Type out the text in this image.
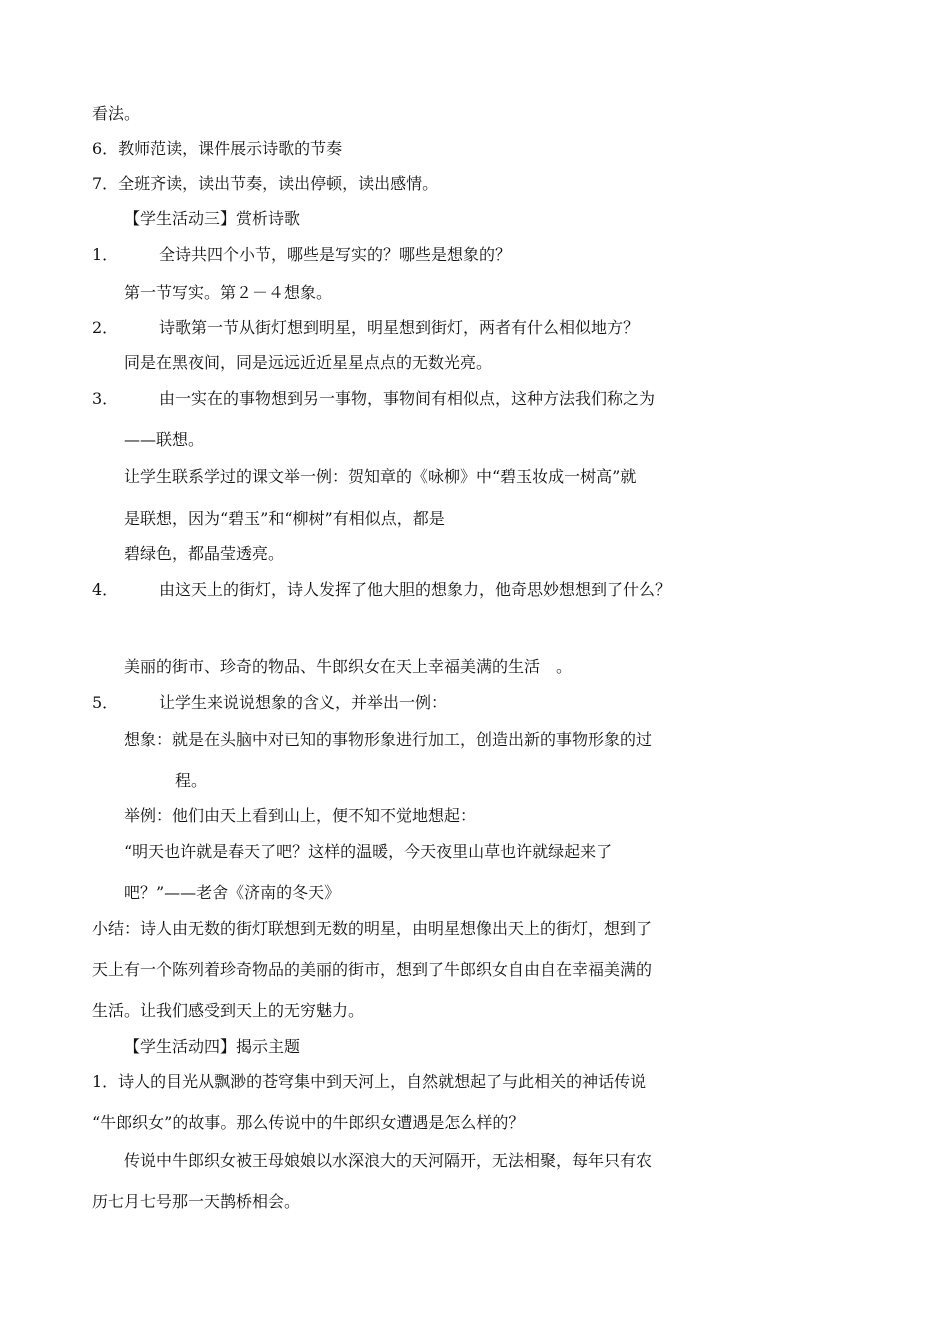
看法。
6．教师范读，课件展示诗歌的节奏
7．全班齐读，读出节奏，读出停顿，读出感情。
【学生活动三】赏析诗歌
1．	全诗共四个小节，哪些是写实的？哪些是想象的？
第一节写实。第２－４想象。
2．	诗歌第一节从街灯想到明星，明星想到街灯，两者有什么相似地方？
同是在黑夜间，同是远远近近星星点点的无数光亮。
3．	由一实在的事物想到另一事物，事物间有相似点，这种方法我们称之为
——联想。
让学生联系学过的课文举一例：贺知章的《咏柳》中“碧玉妆成一树高”就
是联想，因为“碧玉”和“柳树”有相似点，都是
碧绿色，都晶莹透亮。
4．	由这天上的街灯，诗人发挥了他大胆的想象力，他奇思妙想想到了什么？
美丽的街市、珍奇的物品、牛郎织女在天上幸福美满的生活　。
5．	让学生来说说想象的含义，并举出一例：
想象：就是在头脑中对已知的事物形象进行加工，创造出新的事物形象的过
程。
举例：他们由天上看到山上，便不知不觉地想起：
“明天也许就是春天了吧？这样的温暖，今天夜里山草也许就绿起来了
吧？”——老舍《济南的冬天》
小结：诗人由无数的街灯联想到无数的明星，由明星想像出天上的街灯，想到了
天上有一个陈列着珍奇物品的美丽的街市，想到了牛郎织女自由自在幸福美满的
生活。让我们感受到天上的无穷魅力。
【学生活动四】揭示主题
1．诗人的目光从飘渺的苍穹集中到天河上，自然就想起了与此相关的神话传说
“牛郎织女”的故事。那么传说中的牛郎织女遭遇是怎么样的？
传说中牛郎织女被王母娘娘以水深浪大的天河隔开，无法相聚，每年只有农
历七月七号那一天鹊桥相会。
